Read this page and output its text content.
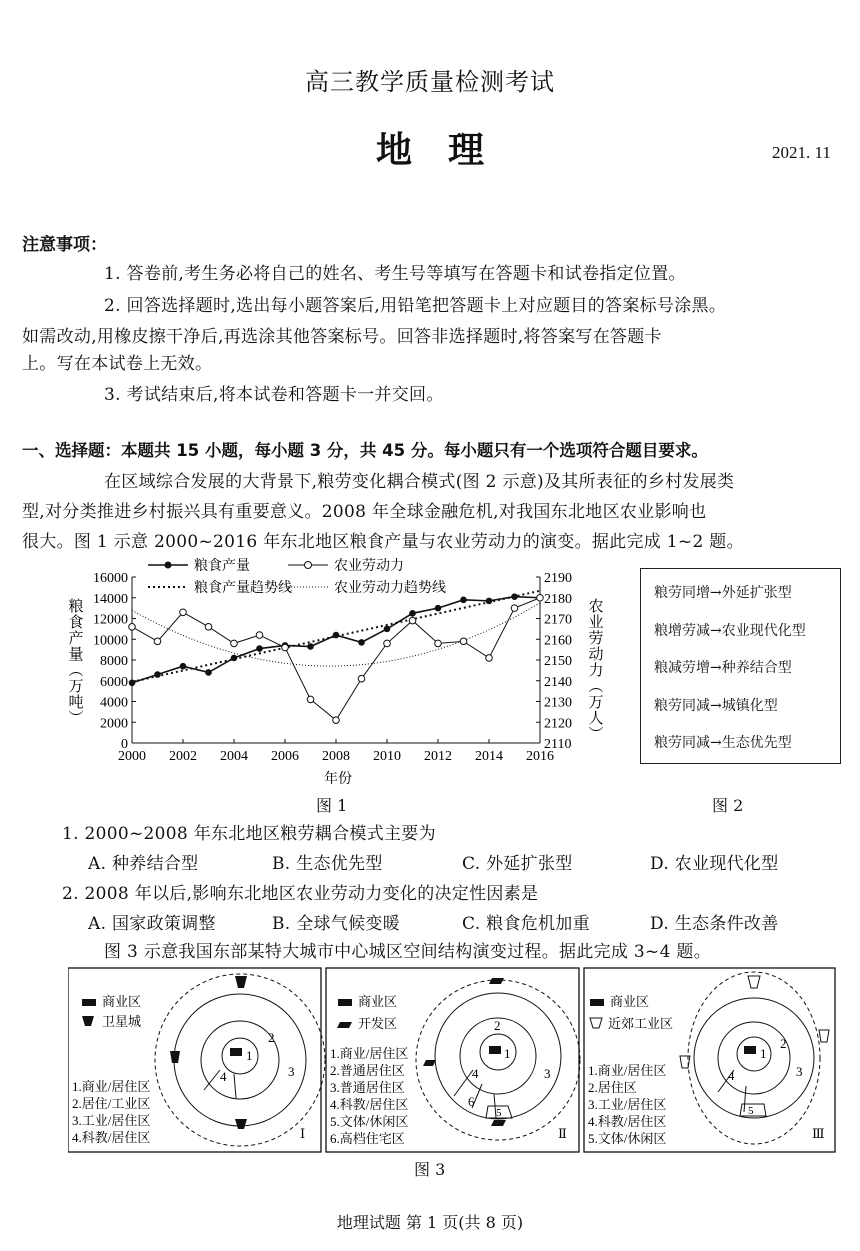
高三教学质量检测考试
地　理	2021. 11
注意事项：
1. 答卷前,考生务必将自己的姓名、考生号等填写在答题卡和试卷指定位置。
2. 回答选择题时,选出每小题答案后,用铅笔把答题卡上对应题目的答案标号涂黑。
如需改动,用橡皮擦干净后,再选涂其他答案标号。回答非选择题时,将答案写在答题卡
上。写在本试卷上无效。
3. 考试结束后,将本试卷和答题卡一并交回。
一、选择题：本题共 15 小题，每小题 3 分，共 45 分。每小题只有一个选项符合题目要求。
在区域综合发展的大背景下,粮劳变化耦合模式(图 2 示意)及其所表征的乡村发展类
型,对分类推进乡村振兴具有重要意义。2008 年全球金融危机,对我国东北地区农业影响也
很大。图 1 示意 2000~2016 年东北地区粮食产量与农业劳动力的演变。据此完成 1~2 题。
粮食产量	农业劳动力
粮食产量趋势线	农业劳动力趋势线
0
2000
4000
6000
8000
10000
12000
14000
16000
2110
2120
2130
2140
2150
2160
2170
2180
2190
2000 2002 2004 2006 2008 2010 2012 2014 2016
粮食产量︵万吨︶
农业劳动力︵万人︶
年份
图 1
粮劳同增→外延扩张型
粮增劳减→农业现代化型
粮减劳增→种养结合型
粮劳同减→城镇化型
粮劳同减→生态优先型
图 2
1. 2000~2008 年东北地区粮劳耦合模式主要为
A. 种养结合型	B. 生态优先型	C. 外延扩张型	D. 农业现代化型
2. 2008 年以后,影响东北地区农业劳动力变化的决定性因素是
A. 国家政策调整	B. 全球气候变暖	C. 粮食危机加重	D. 生态条件改善
图 3 示意我国东部某特大城市中心城区空间结构演变过程。据此完成 3~4 题。
1
2
3
4
商业区
卫星城
1.商业/居住区
2.居住/工业区
3.工业/居住区
4.科教/居住区	Ⅰ
1
2
3
4
5
6
商业区
开发区
1.商业/居住区
2.普通居住区
3.普通居住区
4.科教/居住区
5.文体/休闲区
6.高档住宅区	Ⅱ
1
2
3
4
5
商业区
近郊工业区
1.商业/居住区
2.居住区
3.工业/居住区
4.科教/居住区
5.文体/休闲区	Ⅲ
图 3
地理试题 第 1 页(共 8 页)
